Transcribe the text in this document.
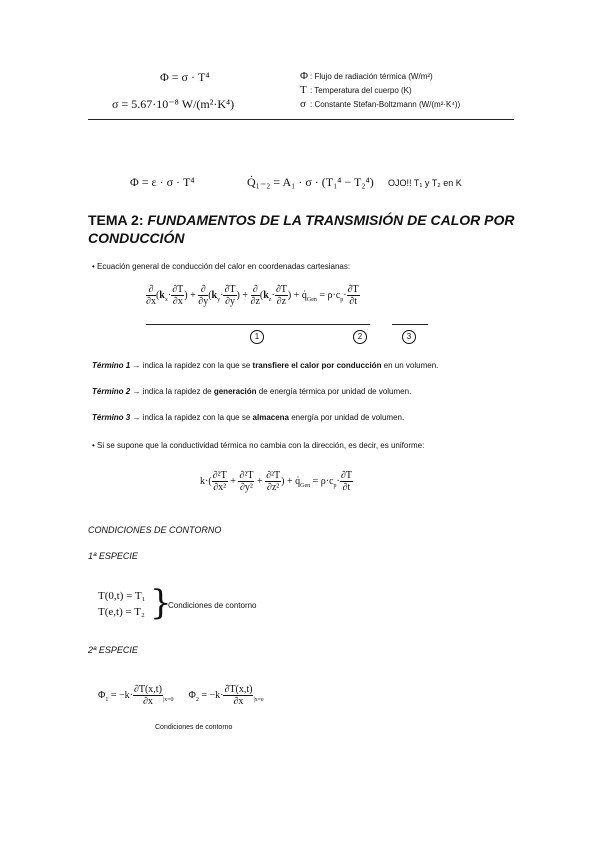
Φ = σ · T⁴
σ = 5.67·10⁻⁸ W/(m²·K⁴)
Φ : Flujo de radiación térmica (W/m²)
T : Temperatura del cuerpo (K)
σ : Constante Stefan-Boltzmann (W/(m²·K⁴))
Φ = ε · σ · T⁴	Q̇₁₋₂ = A₁ · σ · (T₁⁴ − T₂⁴) OJO!! T₁ y T₂ en K
TEMA 2: FUNDAMENTOS DE LA TRANSMISIÓN DE CALOR POR CONDUCCIÓN
• Ecuación general de conducción del calor en coordenadas cartesianas:
$\frac{\partial}{\partial x} (k_x\cdot \frac{\partial T}{\partial x}$ ) + $\frac{\partial}{\partial y} (k_y\cdot \frac{\partial T}{\partial y}$ ) + $\frac{\partial}{\partial z} (k_z\cdot \frac{\partial T}{\partial z}$ ) + $q̇_{Gen} = \rho\cdot c_p\cdot \frac{\partial T}{\partial t}$
1	2	3
Término 1 → indica la rapidez con la que se transfiere el calor por conducción en un volumen.
Término 2 → indica la rapidez de generación de energía térmica por unidad de volumen.
Término 3 → indica la rapidez con la que se almacena energía por unidad de volumen.
• Si se supone que la conductividad térmica no cambia con la dirección, es decir, es uniforme:
$k\cdot( \frac{\text{∂²T}}{\text{∂x²}} + \frac{\text{∂²T}}{\text{∂y²}} + \frac{\text{∂²T}}{\text{∂z²}}$ ) + $q̇_{Gen} = \rho\cdot c_p\cdot \frac{\partial T}{\partial t}$
CONDICIONES DE CONTORNO
1ª ESPECIE
T(0,t) = T₁
T(e,t) = T₂ }
Condiciones de contorno
2ª ESPECIE
$\Phi_1 = -k\cdot \frac{\partial T(x,t)}{\partial x} _{|x=0}$      $\Phi_2 = -k\cdot \frac{\partial T(x,t)}{\partial x} _{|x=e}$
Condiciones de contorno
